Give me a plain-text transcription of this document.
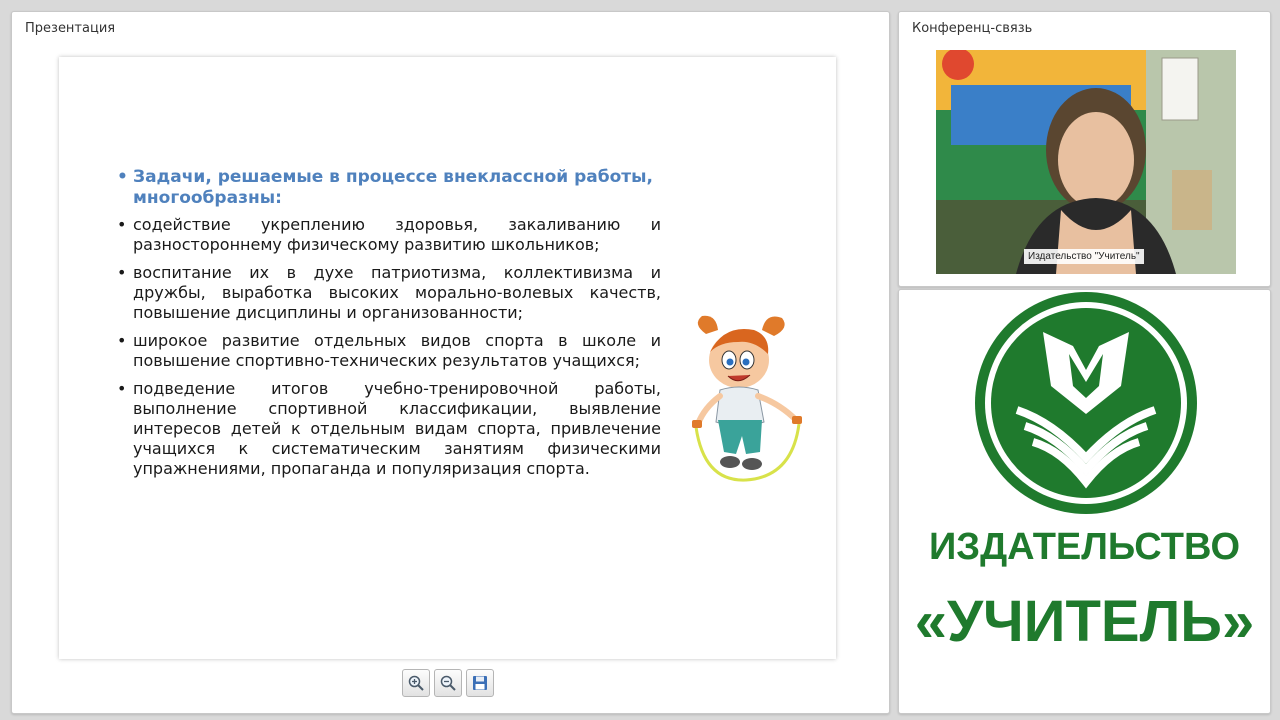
Презентация
• Задачи, решаемые в процессе внеклассной работы, многообразны:
• содействие укреплению здоровья, закаливанию и разностороннему физическому развитию школьников;
• воспитание их в духе патриотизма, коллективизма и дружбы, выработка высоких морально-волевых качеств, повышение дисциплины и организованности;
• широкое развитие отдельных видов спорта в школе и повышение спортивно-технических результатов учащихся;
• подведение итогов учебно-тренировочной работы, выполнение спортивной классификации, выявление интересов детей к отдельным видам спорта, привлечение учащихся к систематическим занятиям физическими упражнениями, пропаганда и популяризация спорта.
Конференц-связь
Издательство "Учитель"
ИЗДАТЕЛЬСТВО
«УЧИТЕЛЬ»
